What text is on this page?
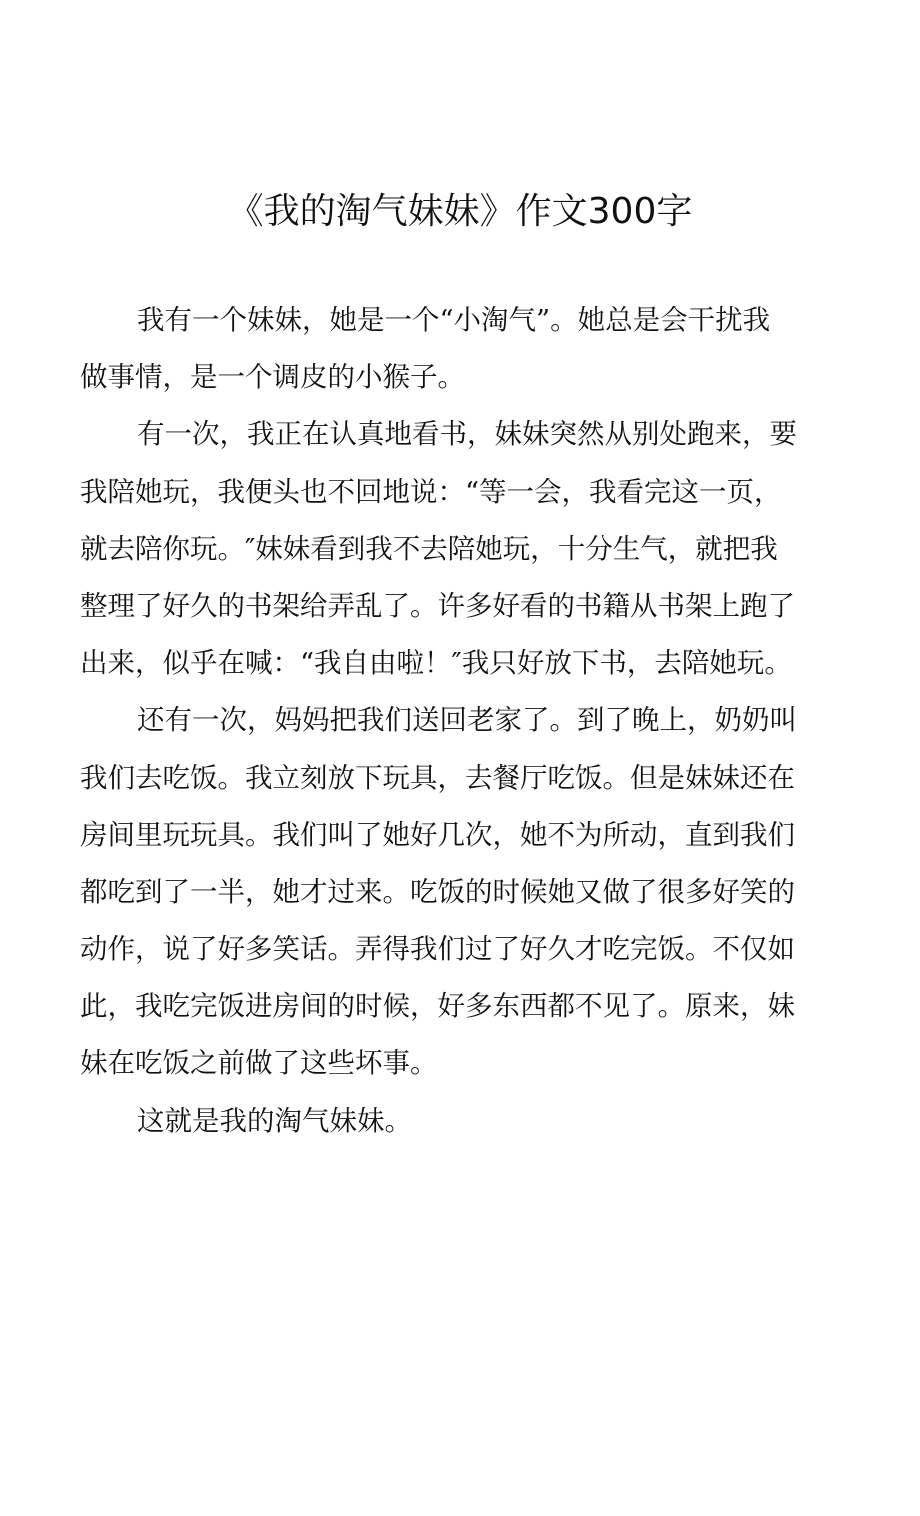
《我的淘气妹妹》作文300字
我有一个妹妹，她是一个“小淘气”。她总是会干扰我
做事情，是一个调皮的小猴子。
有一次，我正在认真地看书，妹妹突然从别处跑来，要
我陪她玩，我便头也不回地说：“等一会，我看完这一页，
就去陪你玩。″妹妹看到我不去陪她玩，十分生气，就把我
整理了好久的书架给弄乱了。许多好看的书籍从书架上跑了
出来，似乎在喊：“我自由啦！″我只好放下书，去陪她玩。
还有一次，妈妈把我们送回老家了。到了晚上，奶奶叫
我们去吃饭。我立刻放下玩具，去餐厅吃饭。但是妹妹还在
房间里玩玩具。我们叫了她好几次，她不为所动，直到我们
都吃到了一半，她才过来。吃饭的时候她又做了很多好笑的
动作，说了好多笑话。弄得我们过了好久才吃完饭。不仅如
此，我吃完饭进房间的时候，好多东西都不见了。原来，妹
妹在吃饭之前做了这些坏事。
这就是我的淘气妹妹。
